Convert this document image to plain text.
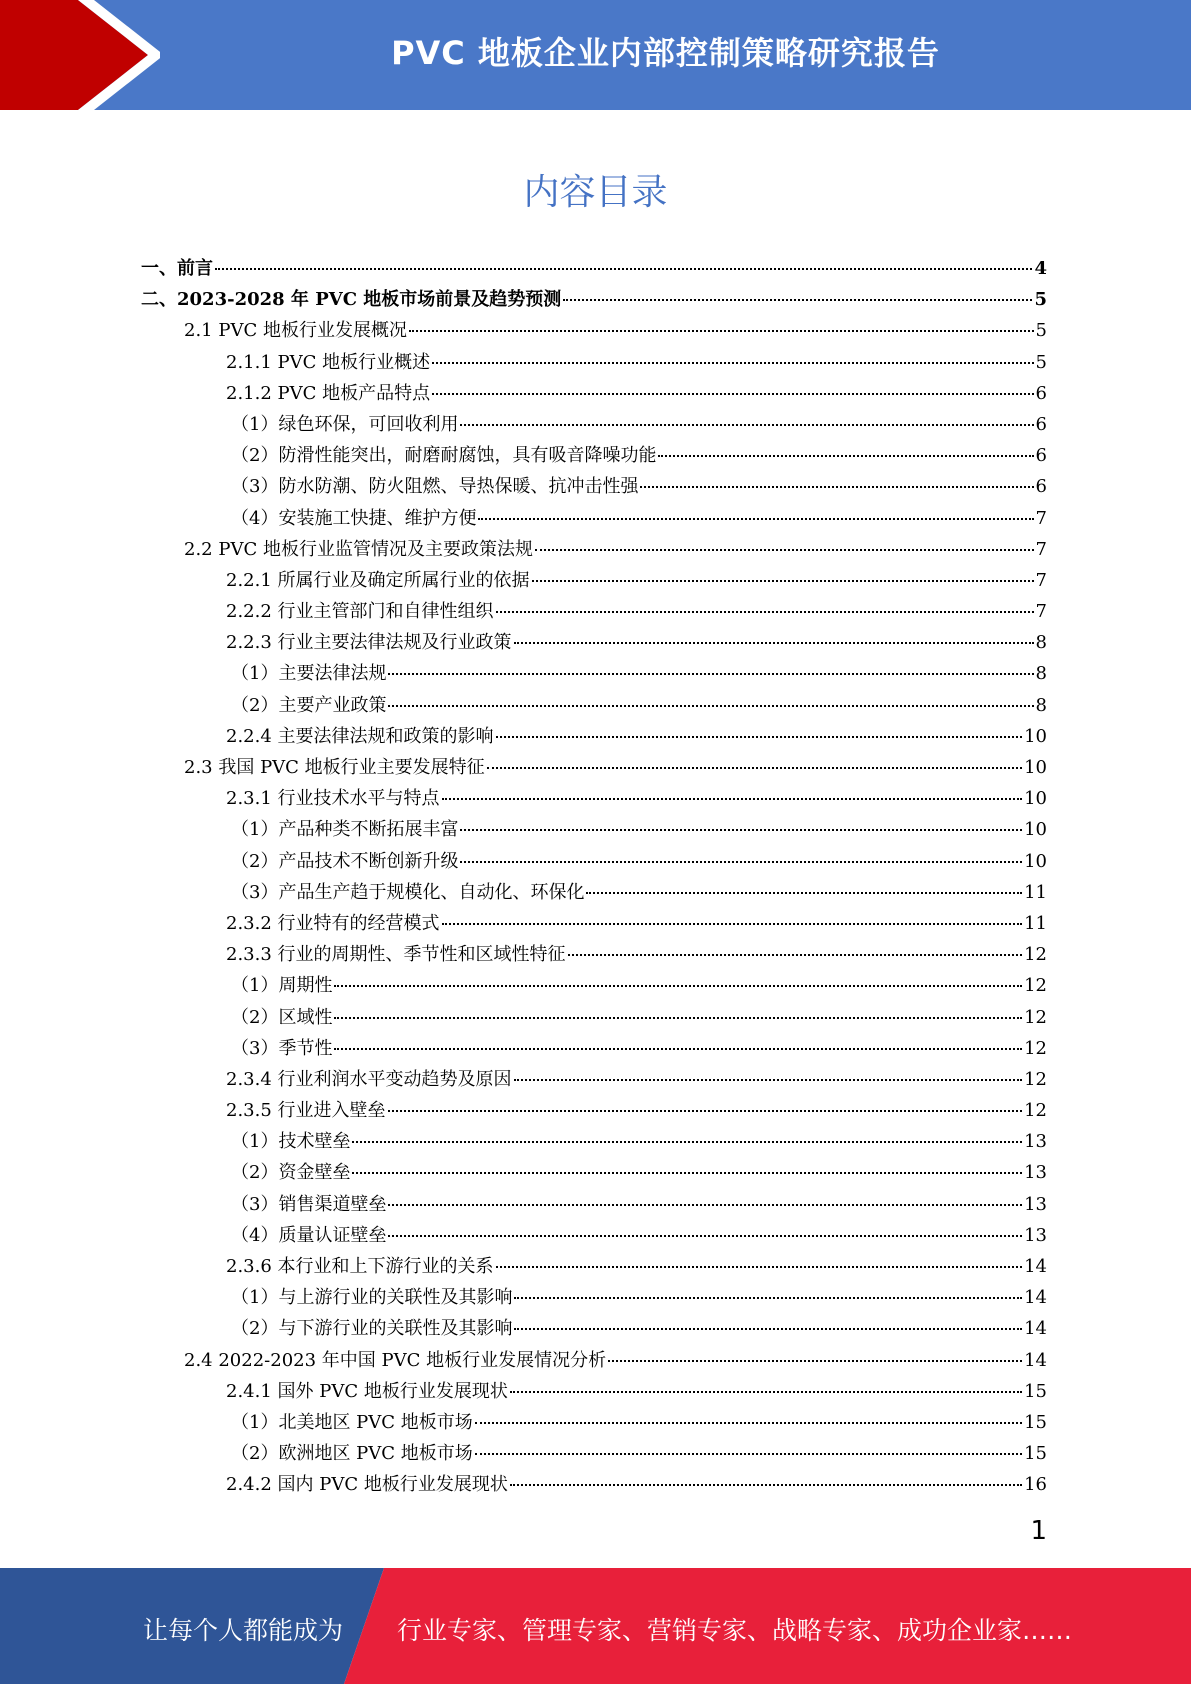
PVC 地板企业内部控制策略研究报告
内容目录
一、前言	4
二、2023-2028 年 PVC 地板市场前景及趋势预测	5
2.1 PVC 地板行业发展概况	5
2.1.1 PVC 地板行业概述	5
2.1.2 PVC 地板产品特点	6
（1）绿色环保，可回收利用	6
（2）防滑性能突出，耐磨耐腐蚀，具有吸音降噪功能	6
（3）防水防潮、防火阻燃、导热保暖、抗冲击性强	6
（4）安装施工快捷、维护方便	7
2.2 PVC 地板行业监管情况及主要政策法规	7
2.2.1 所属行业及确定所属行业的依据	7
2.2.2 行业主管部门和自律性组织	7
2.2.3 行业主要法律法规及行业政策	8
（1）主要法律法规	8
（2）主要产业政策	8
2.2.4 主要法律法规和政策的影响	10
2.3 我国 PVC 地板行业主要发展特征	10
2.3.1 行业技术水平与特点	10
（1）产品种类不断拓展丰富	10
（2）产品技术不断创新升级	10
（3）产品生产趋于规模化、自动化、环保化	11
2.3.2 行业特有的经营模式	11
2.3.3 行业的周期性、季节性和区域性特征	12
（1）周期性	12
（2）区域性	12
（3）季节性	12
2.3.4 行业利润水平变动趋势及原因	12
2.3.5 行业进入壁垒	12
（1）技术壁垒	13
（2）资金壁垒	13
（3）销售渠道壁垒	13
（4）质量认证壁垒	13
2.3.6 本行业和上下游行业的关系	14
（1）与上游行业的关联性及其影响	14
（2）与下游行业的关联性及其影响	14
2.4 2022-2023 年中国 PVC 地板行业发展情况分析	14
2.4.1 国外 PVC 地板行业发展现状	15
（1）北美地区 PVC 地板市场	15
（2）欧洲地区 PVC 地板市场	15
2.4.2 国内 PVC 地板行业发展现状	16
1
让每个人都能成为 行业专家、管理专家、营销专家、战略专家、成功企业家……
